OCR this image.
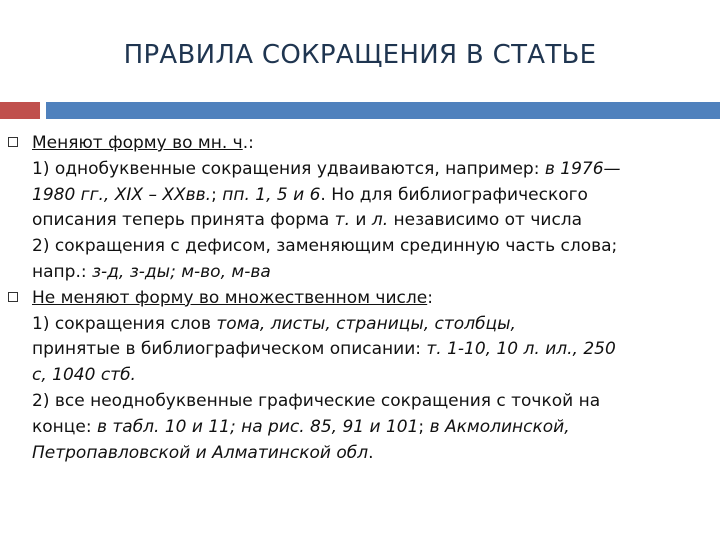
ПРАВИЛА СОКРАЩЕНИЯ В СТАТЬЕ
Меняют форму во мн. ч.:
1) однобуквенные сокращения удваиваются, например: в 1976—
1980 гг., XIX – XXвв.; пп. 1, 5 и 6. Но для библиографического
описания теперь принята форма т. и л. независимо от числа
2) сокращения с дефисом, заменяющим срединную часть слова;
напр.: з-д, з-ды; м-во, м-ва
Не меняют форму во множественном числе:
1) сокращения слов тома, листы, страницы, столбцы,
принятые в библиографическом описании: т. 1-10, 10 л. ил., 250
с, 1040 стб.
2) все неоднобуквенные графические сокращения с точкой на
конце: в табл. 10 и 11; на рис. 85, 91 и 101; в Акмолинской,
Петропавловской и Алматинской обл.
